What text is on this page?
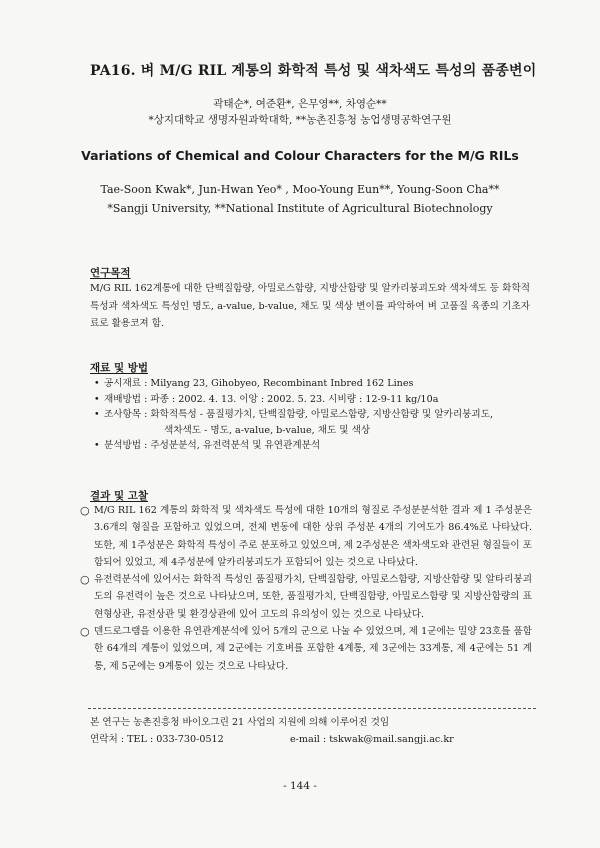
PA16. 벼 M/G RIL 계통의 화학적 특성 및 색차색도 특성의 품종변이
곽태순*, 여준환*, 은무영**, 차영순**
*상지대학교 생명자원과학대학, **농촌진흥청 농업생명공학연구원
Variations of Chemical and Colour Characters for the M/G RILs
Tae-Soon Kwak*, Jun-Hwan Yeo* , Moo-Young Eun**, Young-Soon Cha**
*Sangji University, **National Institute of Agricultural Biotechnology
연구목적
M/G RIL 162계통에 대한 단백질함량, 아밀로스함량, 지방산함량 및 알카리붕괴도와 색차색도 등 화학적 특성과 색차색도 특성인 명도, a-value, b-value, 채도 및 색상 변이를 파악하여 벼 고품질 육종의 기초자료로 활용코져 함.
재료 및 방법
• 공시재료 : Milyang 23, Gihobyeo, Recombinant Inbred 162 Lines
• 재배방법 : 파종 : 2002. 4. 13. 이앙 : 2002. 5. 23. 시비량 : 12-9-11 kg/10a
• 조사항목 : 화학적특성 - 품질평가치, 단백질함량, 아밀로스함량, 지방산함량 및 알카리붕괴도,
색차색도 - 명도, a-value, b-value, 채도 및 색상
• 분석방법 : 주성분분석, 유전력분석 및 유연관계분석
결과 및 고찰
○ M/G RIL 162 계통의 화학적 및 색차색도 특성에 대한 10개의 형질로 주성분분석한 결과 제 1 주성분은 3.6개의 형질을 포함하고 있었으며, 전체 변동에 대한 상위 주성분 4개의 기여도가 86.4%로 나타났다. 또한, 제 1주성분은 화학적 특성이 주로 분포하고 있었으며, 제 2주성분은 색차색도와 관련된 형질들이 포함되어 있었고, 제 4주성분에 알카리붕괴도가 포함되어 있는 것으로 나타났다.
○ 유전력분석에 있어서는 화학적 특성인 품질평가치, 단백질함량, 아밀로스함량, 지방산함량 및 알타리붕괴도의 유전력이 높은 것으로 나타났으며, 또한, 품질평가치, 단백질함량, 아밀로스함량 및 지방산함량의 표현형상관, 유전상관 및 환경상관에 있어 고도의 유의성이 있는 것으로 나타났다.
○ 덴드로그램을 이용한 유연관계분석에 있어 5개의 군으로 나눌 수 있었으며, 제 1군에는 밀양 23호를 품함한 64개의 계통이 있었으며, 제 2군에는 기호벼를 포함한 4계통, 제 3군에는 33계통, 제 4군에는 51 계통, 제 5군에는 9계통이 있는 것으로 나타났다.
본 연구는 농촌진흥청 바이오그린 21 사업의 지원에 의해 이루어진 것임
연락처 : TEL : 033-730-0512	e-mail : tskwak@mail.sangji.ac.kr
- 144 -
